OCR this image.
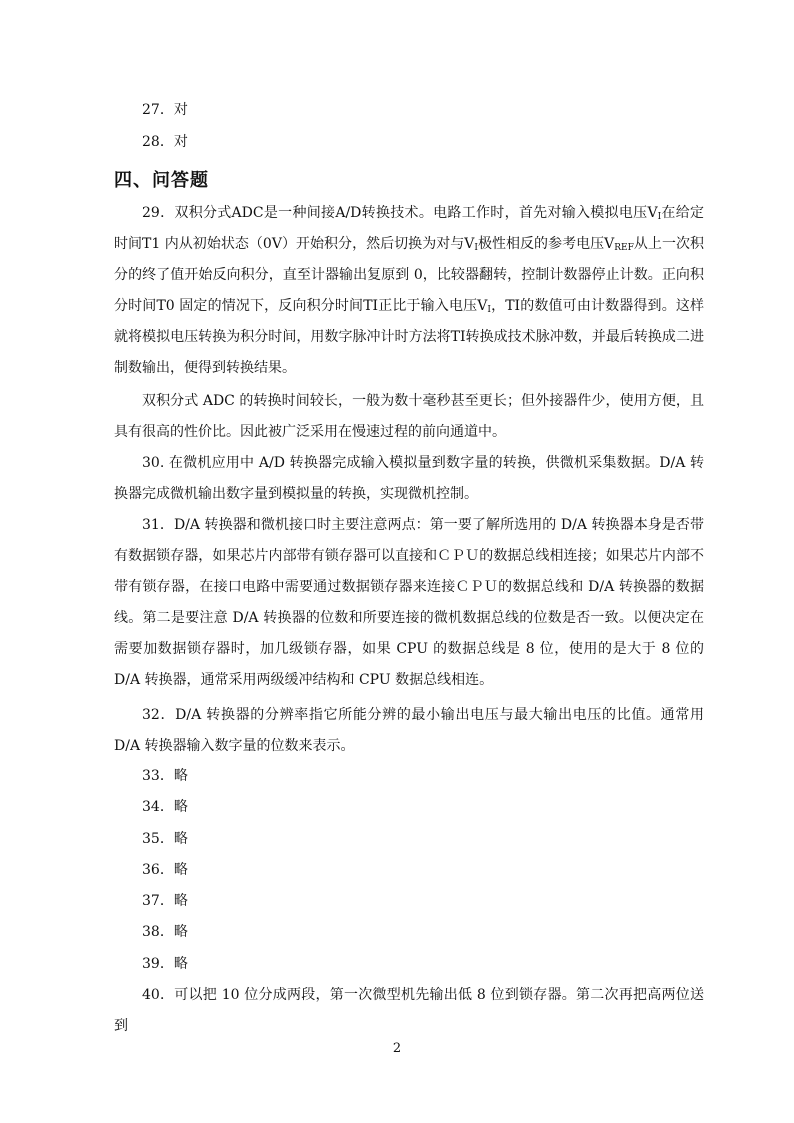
27．对
28．对
四、问答题
29．双积分式ADC是一种间接A/D转换技术。电路工作时，首先对输入模拟电压$V_I$在给定时间T1 内从初始状态（0V）开始积分，然后切换为对与$V_I$极性相反的参考电压$V_{REF}$从上一次积分的终了值开始反向积分，直至计器输出复原到 0，比较器翻转，控制计数器停止计数。正向积分时间T0 固定的情况下，反向积分时间TI正比于输入电压$V_I$，TI的数值可由计数器得到。这样就将模拟电压转换为积分时间，用数字脉冲计时方法将TI转换成技术脉冲数，并最后转换成二进制数输出，便得到转换结果。
双积分式 ADC 的转换时间较长，一般为数十毫秒甚至更长；但外接器件少，使用方便，且具有很高的性价比。因此被广泛采用在慢速过程的前向通道中。
30. 在微机应用中 A/D 转换器完成输入模拟量到数字量的转换，供微机采集数据。D/A 转换器完成微机输出数字量到模拟量的转换，实现微机控制。
31．D/A 转换器和微机接口时主要注意两点：第一要了解所选用的 D/A 转换器本身是否带有数据锁存器，如果芯片内部带有锁存器可以直接和ＣＰＵ的数据总线相连接；如果芯片内部不带有锁存器，在接口电路中需要通过数据锁存器来连接ＣＰＵ的数据总线和 D/A 转换器的数据线。第二是要注意 D/A 转换器的位数和所要连接的微机数据总线的位数是否一致。以便决定在需要加数据锁存器时，加几级锁存器，如果 CPU 的数据总线是 8 位，使用的是大于 8 位的 D/A 转换器，通常采用两级缓冲结构和 CPU 数据总线相连。
32．D/A 转换器的分辨率指它所能分辨的最小输出电压与最大输出电压的比值。通常用 D/A 转换器输入数字量的位数来表示。
33．略
34．略
35．略
36．略
37．略
38．略
39．略
40．可以把 10 位分成两段，第一次微型机先输出低 8 位到锁存器。第二次再把高两位送到
2
